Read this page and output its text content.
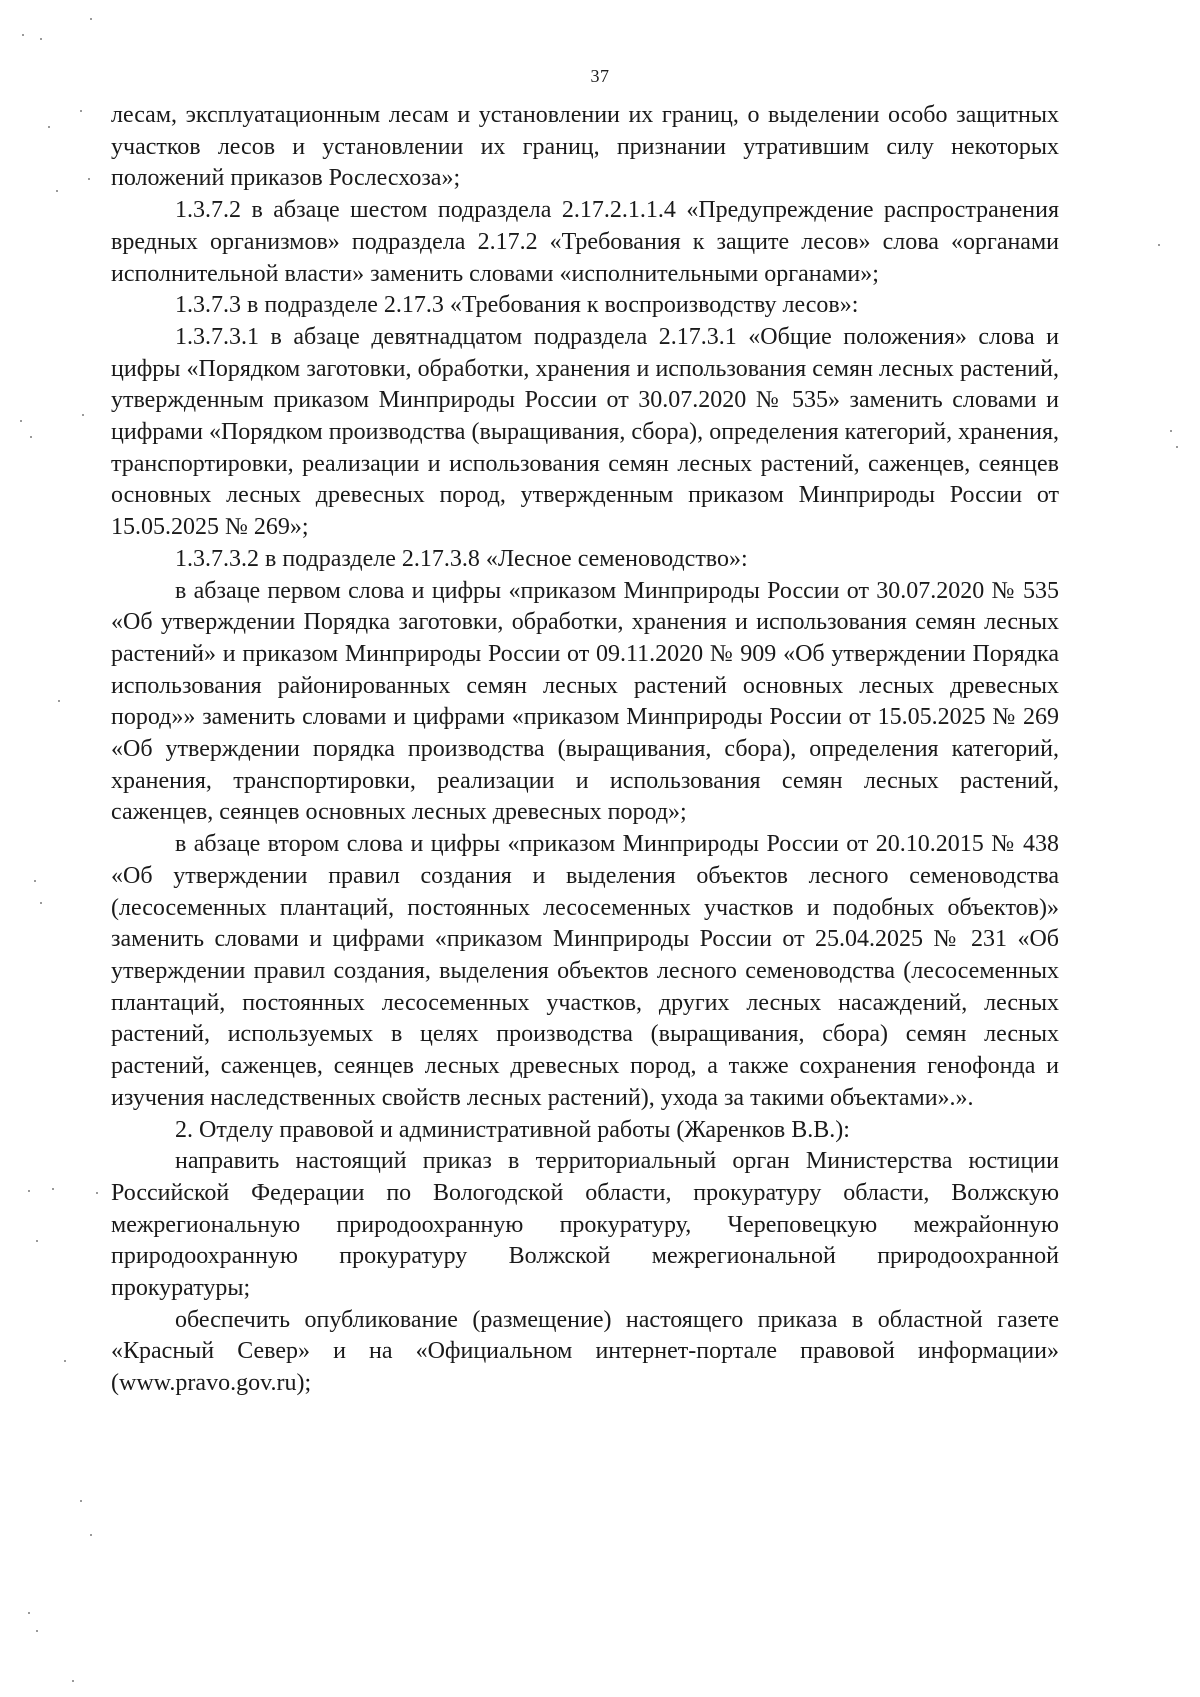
37

лесам, эксплуатационным лесам и установлении их границ, о выделении особо защитных участков лесов и установлении их границ, признании утратившим силу некоторых положений приказов Рослесхоза»;

1.3.7.2 в абзаце шестом подраздела 2.17.2.1.1.4 «Предупреждение распространения вредных организмов» подраздела 2.17.2 «Требования к защите лесов» слова «органами исполнительной власти» заменить словами «исполнительными органами»;

1.3.7.3 в подразделе 2.17.3 «Требования к воспроизводству лесов»:

1.3.7.3.1 в абзаце девятнадцатом подраздела 2.17.3.1 «Общие положения» слова и цифры «Порядком заготовки, обработки, хранения и использования семян лесных растений, утвержденным приказом Минприроды России от 30.07.2020 № 535» заменить словами и цифрами «Порядком производства (выращивания, сбора), определения категорий, хранения, транспортировки, реализации и использования семян лесных растений, саженцев, сеянцев основных лесных древесных пород, утвержденным приказом Минприроды России от 15.05.2025 № 269»;

1.3.7.3.2 в подразделе 2.17.3.8 «Лесное семеноводство»:

в абзаце первом слова и цифры «приказом Минприроды России от 30.07.2020 № 535 «Об утверждении Порядка заготовки, обработки, хранения и использования семян лесных растений» и приказом Минприроды России от 09.11.2020 № 909 «Об утверждении Порядка использования районированных семян лесных растений основных лесных древесных пород»» заменить словами и цифрами «приказом Минприроды России от 15.05.2025 № 269 «Об утверждении порядка производства (выращивания, сбора), определения категорий, хранения, транспортировки, реализации и использования семян лесных растений, саженцев, сеянцев основных лесных древесных пород»;

в абзаце втором слова и цифры «приказом Минприроды России от 20.10.2015 № 438 «Об утверждении правил создания и выделения объектов лесного семеноводства (лесосеменных плантаций, постоянных лесосеменных участков и подобных объектов)» заменить словами и цифрами «приказом Минприроды России от 25.04.2025 № 231 «Об утверждении правил создания, выделения объектов лесного семеноводства (лесосеменных плантаций, постоянных лесосеменных участков, других лесных насаждений, лесных растений, используемых в целях производства (выращивания, сбора) семян лесных растений, саженцев, сеянцев лесных древесных пород, а также сохранения генофонда и изучения наследственных свойств лесных растений), ухода за такими объектами».».

2. Отделу правовой и административной работы (Жаренков В.В.):

направить настоящий приказ в территориальный орган Министерства юстиции Российской Федерации по Вологодской области, прокуратуру области, Волжскую межрегиональную природоохранную прокуратуру, Череповецкую межрайонную природоохранную прокуратуру Волжской межрегиональной природоохранной прокуратуры;

обеспечить опубликование (размещение) настоящего приказа в областной газете «Красный Север» и на «Официальном интернет-портале правовой информации» (www.pravo.gov.ru);
